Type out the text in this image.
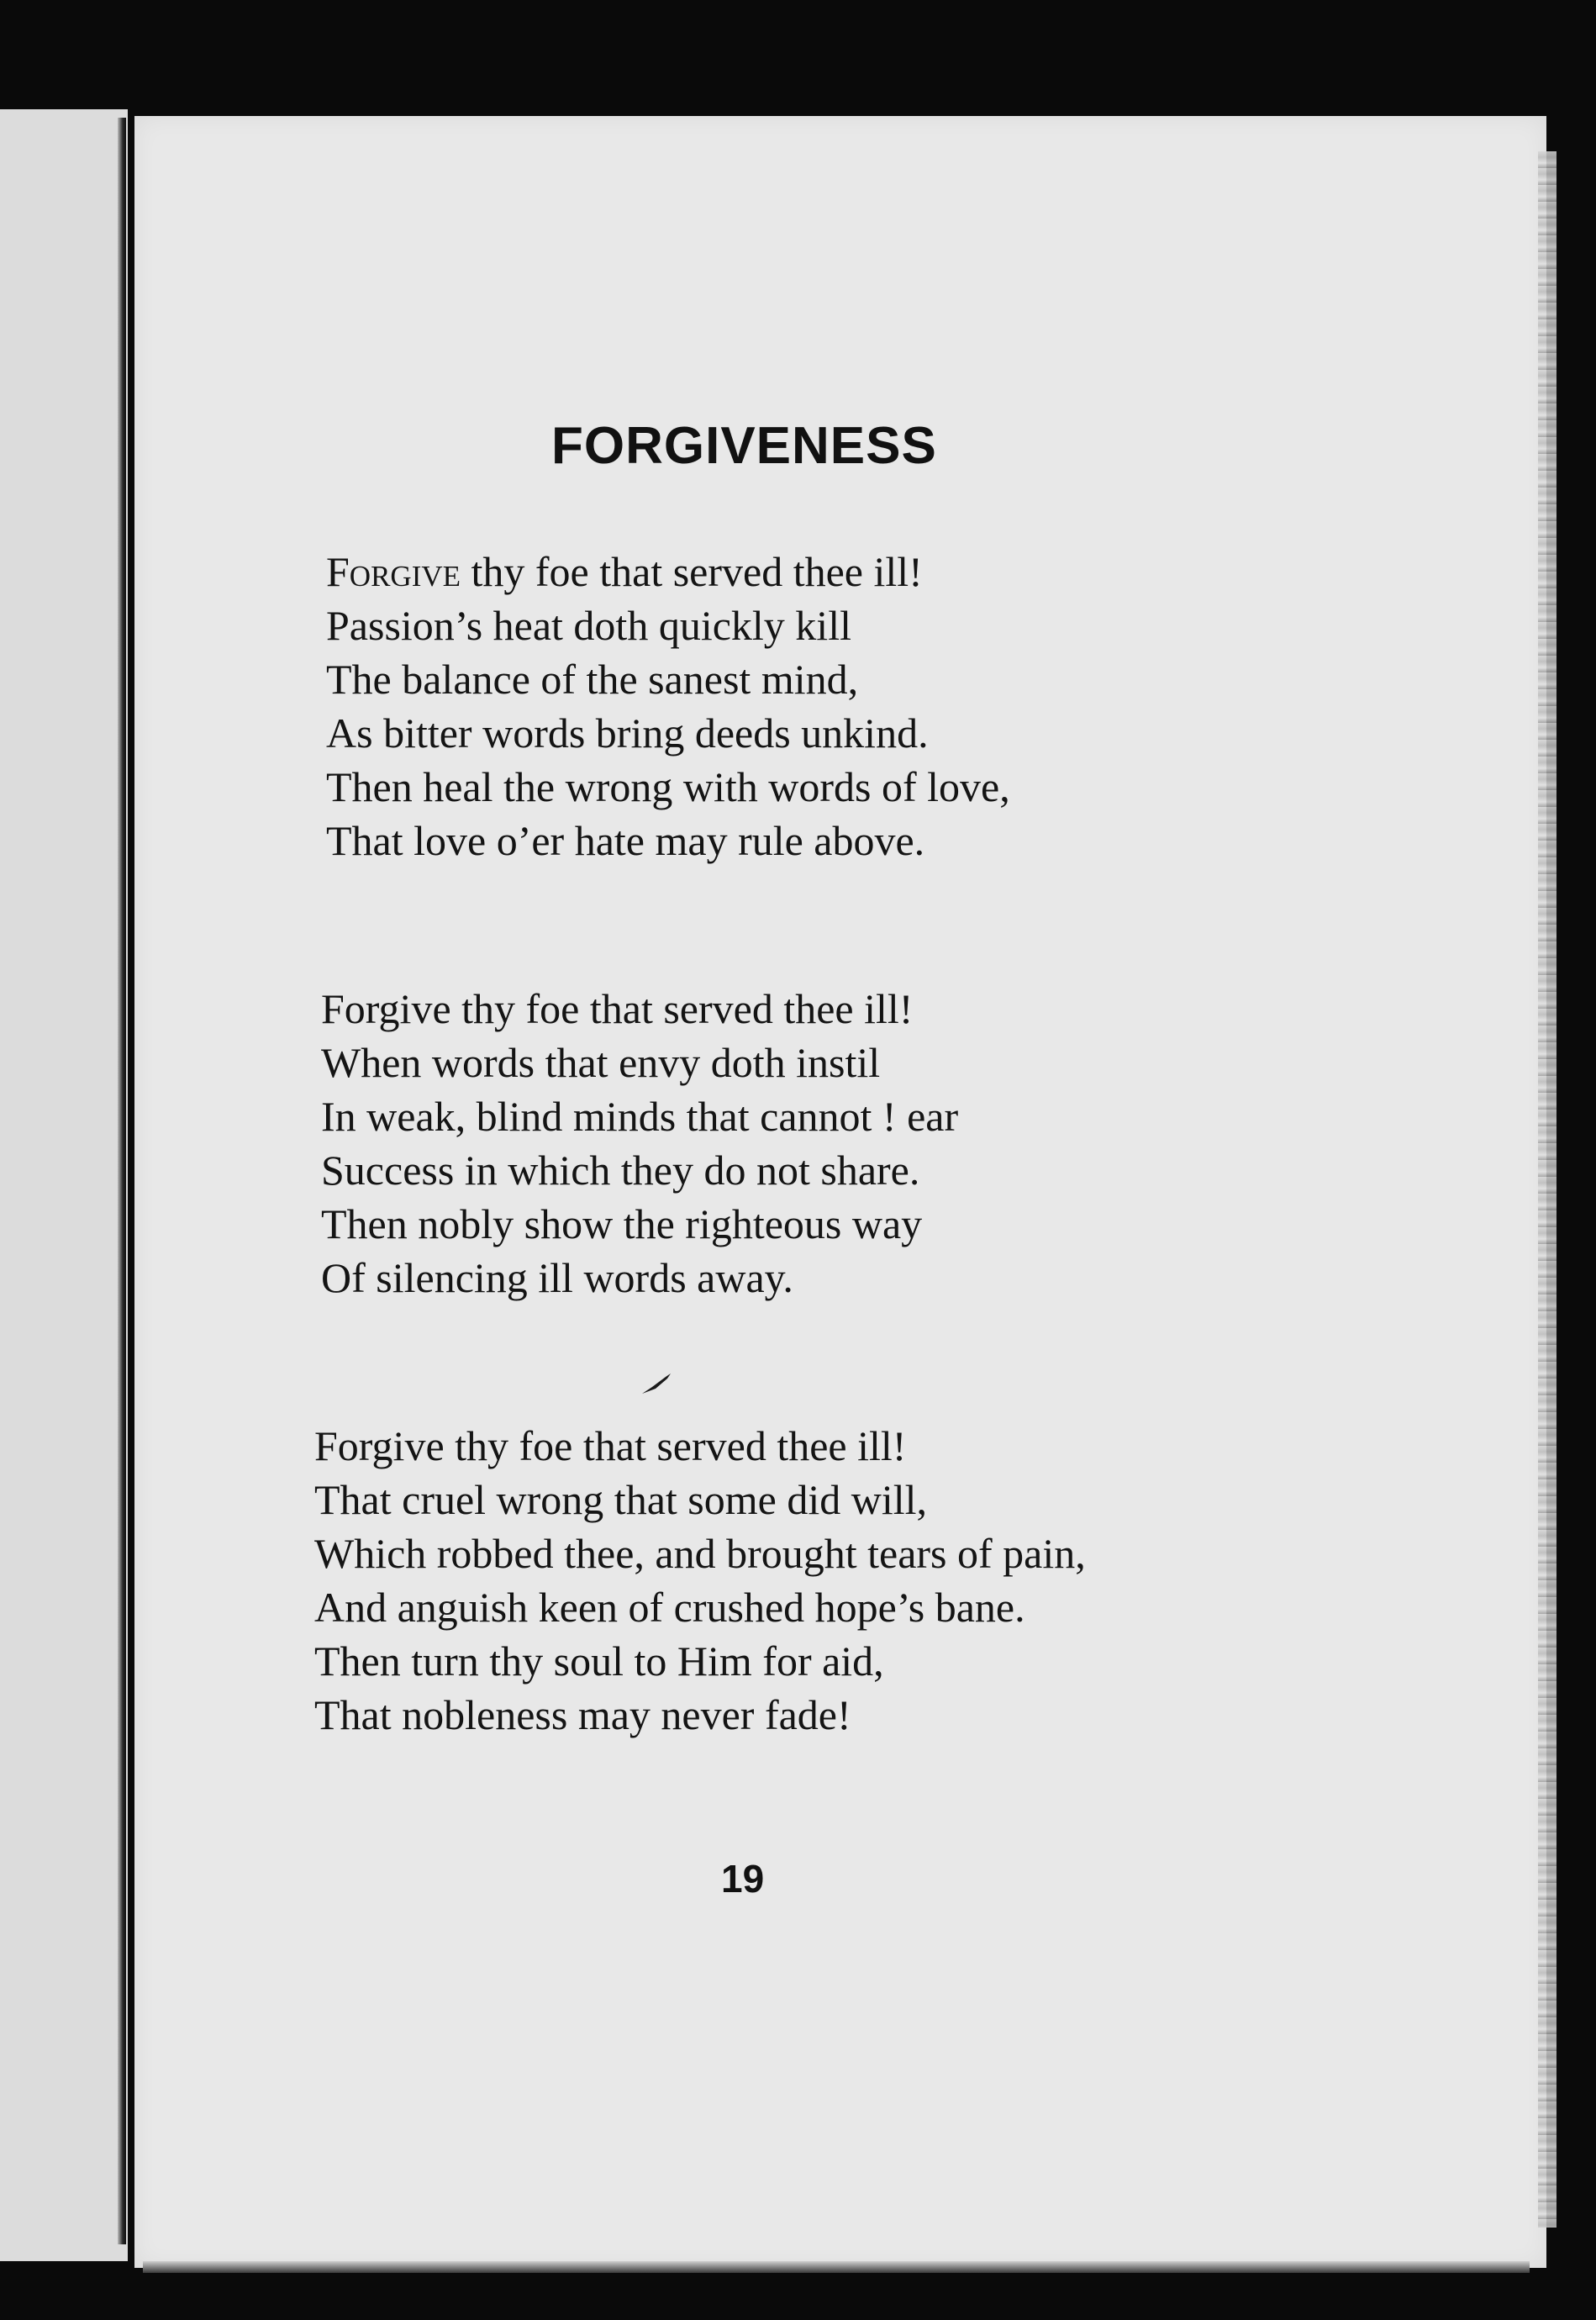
FORGIVENESS
Forgive thy foe that served thee ill!
Passion’s heat doth quickly kill
The balance of the sanest mind,
As bitter words bring deeds unkind.
Then heal the wrong with words of love,
That love o’er hate may rule above.
Forgive thy foe that served thee ill!
When words that envy doth instil
In weak, blind minds that cannot ! ear
Success in which they do not share.
Then nobly show the righteous way
Of silencing ill words away.
Forgive thy foe that served thee ill!
That cruel wrong that some did will,
Which robbed thee, and brought tears of pain,
And anguish keen of crushed hope’s bane.
Then turn thy soul to Him for aid,
That nobleness may never fade!
19
